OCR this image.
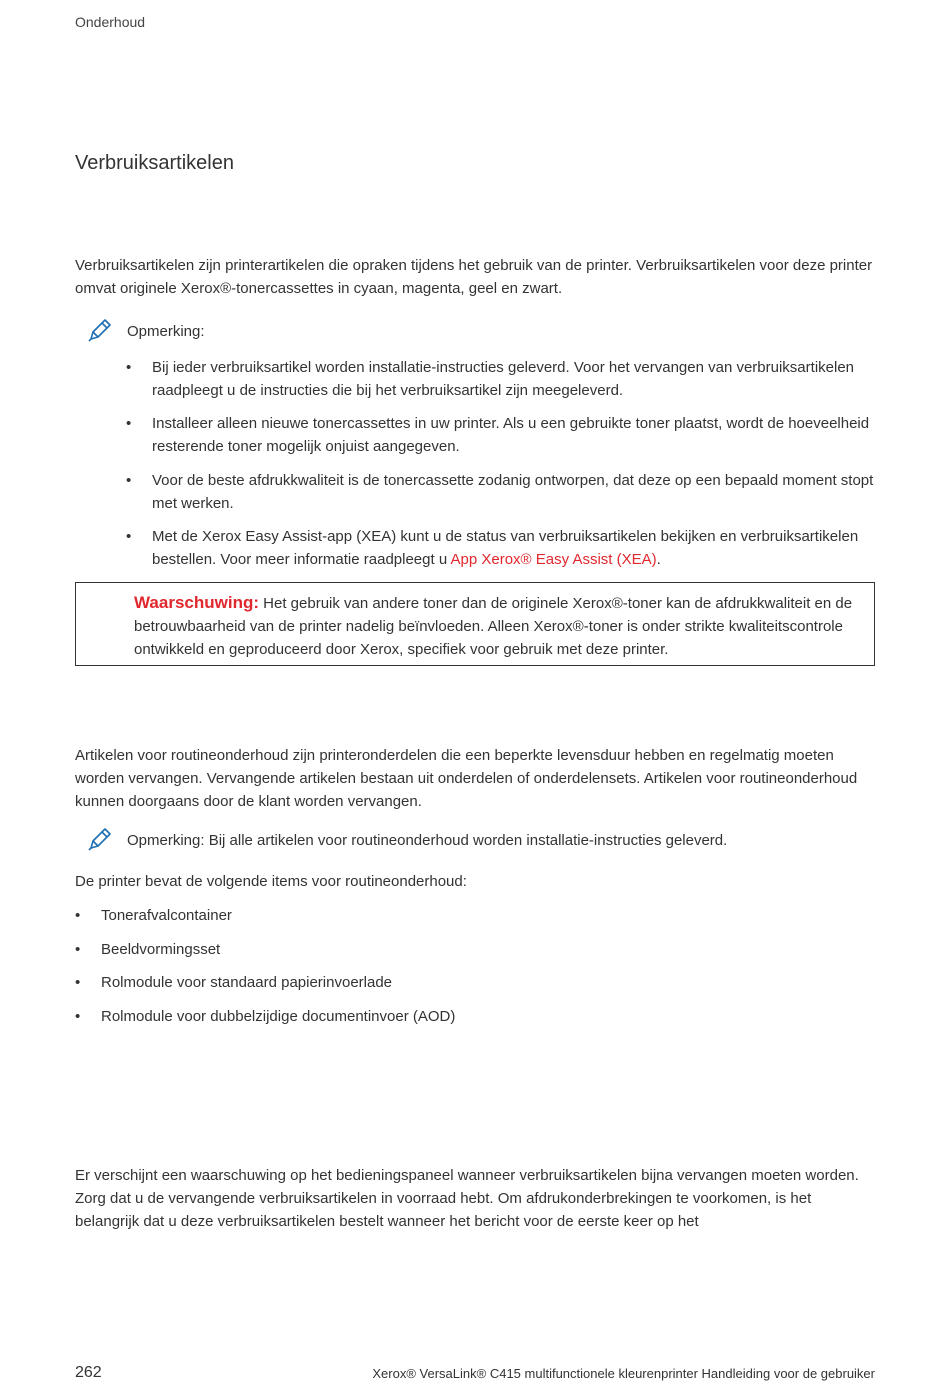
Onderhoud
Verbruiksartikelen
Verbruiksartikelen zijn printerartikelen die opraken tijdens het gebruik van de printer. Verbruiksartikelen voor deze printer omvat originele Xerox®-tonercassettes in cyaan, magenta, geel en zwart.
Opmerking:
• Bij ieder verbruiksartikel worden installatie-instructies geleverd. Voor het vervangen van verbruiksartikelen raadpleegt u de instructies die bij het verbruiksartikel zijn meegeleverd.
• Installeer alleen nieuwe tonercassettes in uw printer. Als u een gebruikte toner plaatst, wordt de hoeveelheid resterende toner mogelijk onjuist aangegeven.
• Voor de beste afdrukkwaliteit is de tonercassette zodanig ontworpen, dat deze op een bepaald moment stopt met werken.
• Met de Xerox Easy Assist-app (XEA) kunt u de status van verbruiksartikelen bekijken en verbruiksartikelen bestellen. Voor meer informatie raadpleegt u App Xerox® Easy Assist (XEA).
Waarschuwing: Het gebruik van andere toner dan de originele Xerox®-toner kan de afdrukkwaliteit en de betrouwbaarheid van de printer nadelig beïnvloeden. Alleen Xerox®-toner is onder strikte kwaliteitscontrole ontwikkeld en geproduceerd door Xerox, specifiek voor gebruik met deze printer.
Artikelen voor routineonderhoud zijn printeronderdelen die een beperkte levensduur hebben en regelmatig moeten worden vervangen. Vervangende artikelen bestaan uit onderdelen of onderdelensets. Artikelen voor routineonderhoud kunnen doorgaans door de klant worden vervangen.
Opmerking: Bij alle artikelen voor routineonderhoud worden installatie-instructies geleverd.
De printer bevat de volgende items voor routineonderhoud:
• Tonerafvalcontainer
• Beeldvormingsset
• Rolmodule voor standaard papierinvoerlade
• Rolmodule voor dubbelzijdige documentinvoer (AOD)
Er verschijnt een waarschuwing op het bedieningspaneel wanneer verbruiksartikelen bijna vervangen moeten worden. Zorg dat u de vervangende verbruiksartikelen in voorraad hebt. Om afdrukonderbrekingen te voorkomen, is het belangrijk dat u deze verbruiksartikelen bestelt wanneer het bericht voor de eerste keer op het
262	Xerox® VersaLink® C415 multifunctionele kleurenprinter Handleiding voor de gebruiker
